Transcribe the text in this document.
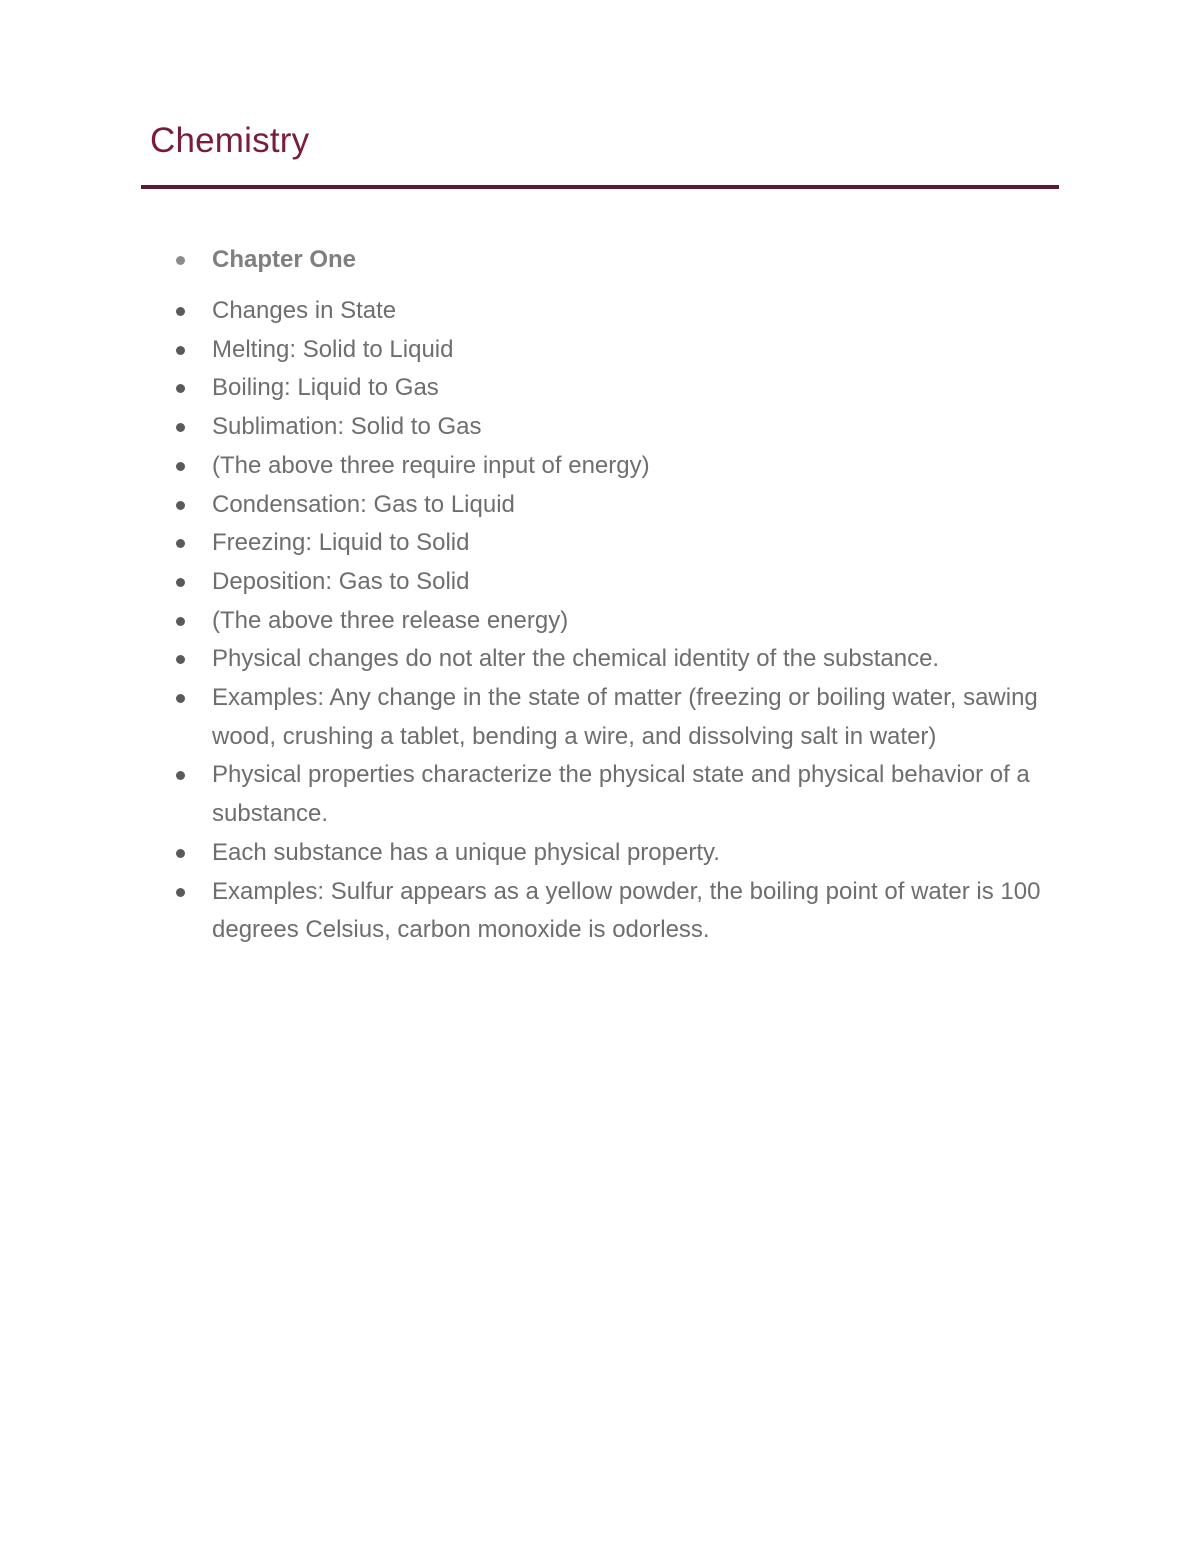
Chemistry
Chapter One
Changes in State
Melting: Solid to Liquid
Boiling: Liquid to Gas
Sublimation: Solid to Gas
(The above three require input of energy)
Condensation: Gas to Liquid
Freezing: Liquid to Solid
Deposition: Gas to Solid
(The above three release energy)
Physical changes do not alter the chemical identity of the substance.
Examples: Any change in the state of matter (freezing or boiling water, sawing wood, crushing a tablet, bending a wire, and dissolving salt in water)
Physical properties characterize the physical state and physical behavior of a substance.
Each substance has a unique physical property.
Examples: Sulfur appears as a yellow powder, the boiling point of water is 100 degrees Celsius, carbon monoxide is odorless.
